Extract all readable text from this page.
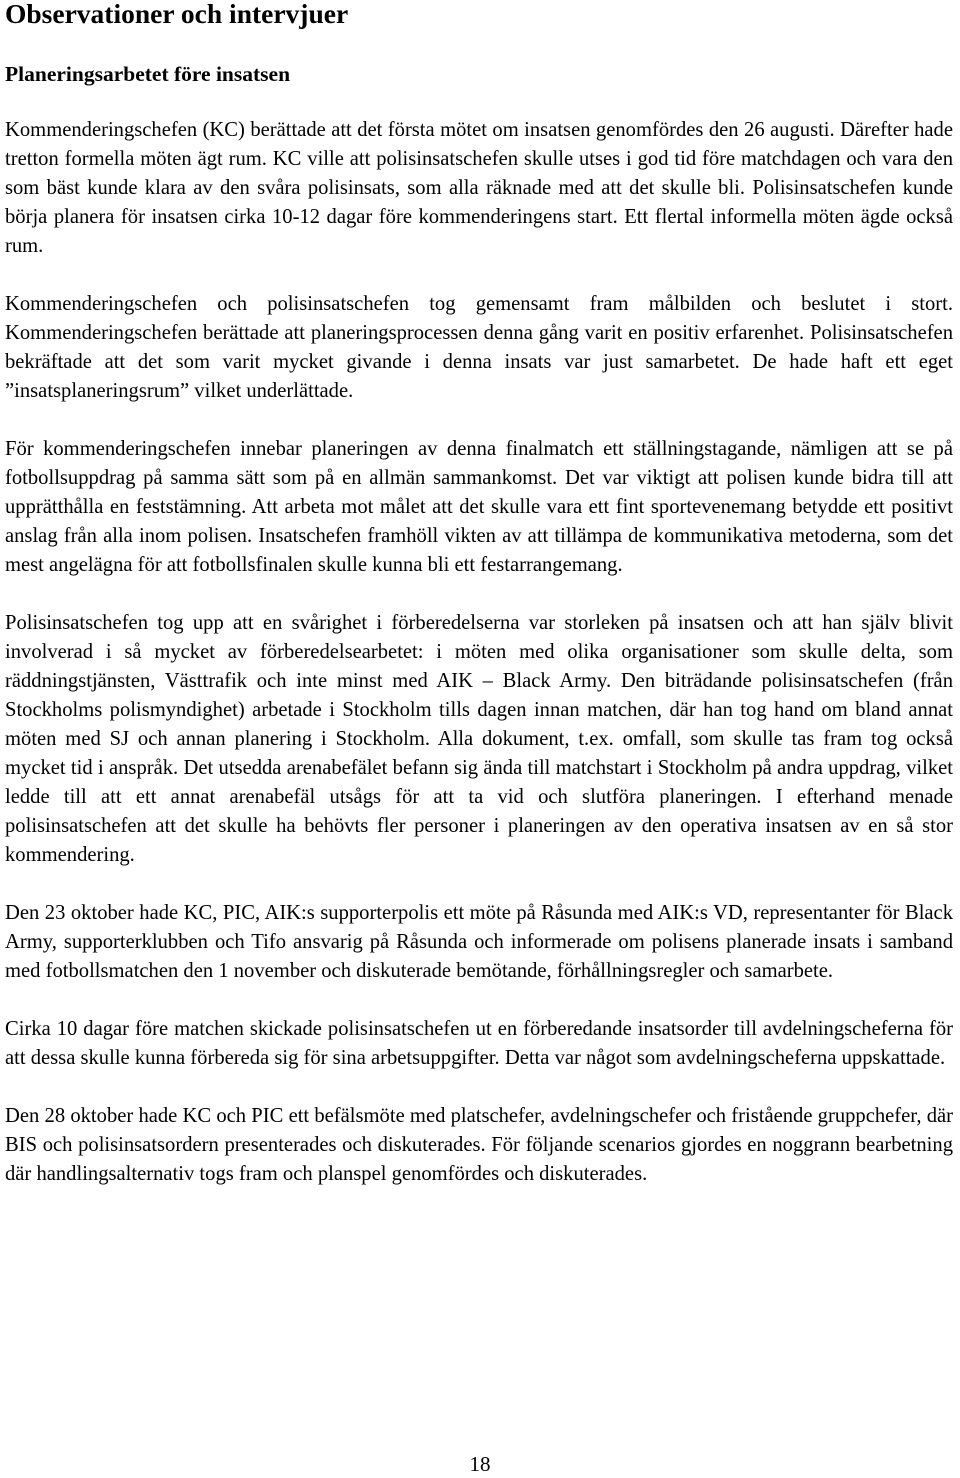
Observationer och intervjuer
Planeringsarbetet före insatsen

Kommenderingschefen (KC) berättade att det första mötet om insatsen genomfördes den 26 augusti. Därefter hade tretton formella möten ägt rum. KC ville att polisinsatschefen skulle utses i god tid före matchdagen och vara den som bäst kunde klara av den svåra polisinsats, som alla räknade med att det skulle bli. Polisinsatschefen kunde börja planera för insatsen cirka 10-12 dagar före kommenderingens start. Ett flertal informella möten ägde också rum.

Kommenderingschefen och polisinsatschefen tog gemensamt fram målbilden och beslutet i stort. Kommenderingschefen berättade att planeringsprocessen denna gång varit en positiv erfarenhet. Polisinsatschefen bekräftade att det som varit mycket givande i denna insats var just samarbetet. De hade haft ett eget ”insatsplaneringsrum” vilket underlättade.

För kommenderingschefen innebar planeringen av denna finalmatch ett ställningstagande, nämligen att se på fotbollsuppdrag på samma sätt som på en allmän sammankomst. Det var viktigt att polisen kunde bidra till att upprätthålla en feststämning. Att arbeta mot målet att det skulle vara ett fint sportevenemang betydde ett positivt anslag från alla inom polisen. Insatschefen framhöll vikten av att tillämpa de kommunikativa metoderna, som det mest angelägna för att fotbollsfinalen skulle kunna bli ett festarrangemang.

Polisinsatschefen tog upp att en svårighet i förberedelserna var storleken på insatsen och att han själv blivit involverad i så mycket av förberedelsearbetet: i möten med olika organisationer som skulle delta, som räddningstjänsten, Västtrafik och inte minst med AIK – Black Army. Den biträdande polisinsatschefen (från Stockholms polismyndighet) arbetade i Stockholm tills dagen innan matchen, där han tog hand om bland annat möten med SJ och annan planering i Stockholm. Alla dokument, t.ex. omfall, som skulle tas fram tog också mycket tid i anspråk. Det utsedda arenabefälet befann sig ända till matchstart i Stockholm på andra uppdrag, vilket ledde till att ett annat arenabefäl utsågs för att ta vid och slutföra planeringen. I efterhand menade polisinsatschefen att det skulle ha behövts fler personer i planeringen av den operativa insatsen av en så stor kommendering.

Den 23 oktober hade KC, PIC, AIK:s supporterpolis ett möte på Råsunda med AIK:s VD, representanter för Black Army, supporterklubben och Tifo ansvarig på Råsunda och informerade om polisens planerade insats i samband med fotbollsmatchen den 1 november och diskuterade bemötande, förhållningsregler och samarbete.

Cirka 10 dagar före matchen skickade polisinsatschefen ut en förberedande insatsorder till avdelningscheferna för att dessa skulle kunna förbereda sig för sina arbetsuppgifter. Detta var något som avdelningscheferna uppskattade.

Den 28 oktober hade KC och PIC ett befälsmöte med platschefer, avdelningschefer och fristående gruppchefer, där BIS och polisinsatsordern presenterades och diskuterades. För följande scenarios gjordes en noggrann bearbetning där handlingsalternativ togs fram och planspel genomfördes och diskuterades.

18
